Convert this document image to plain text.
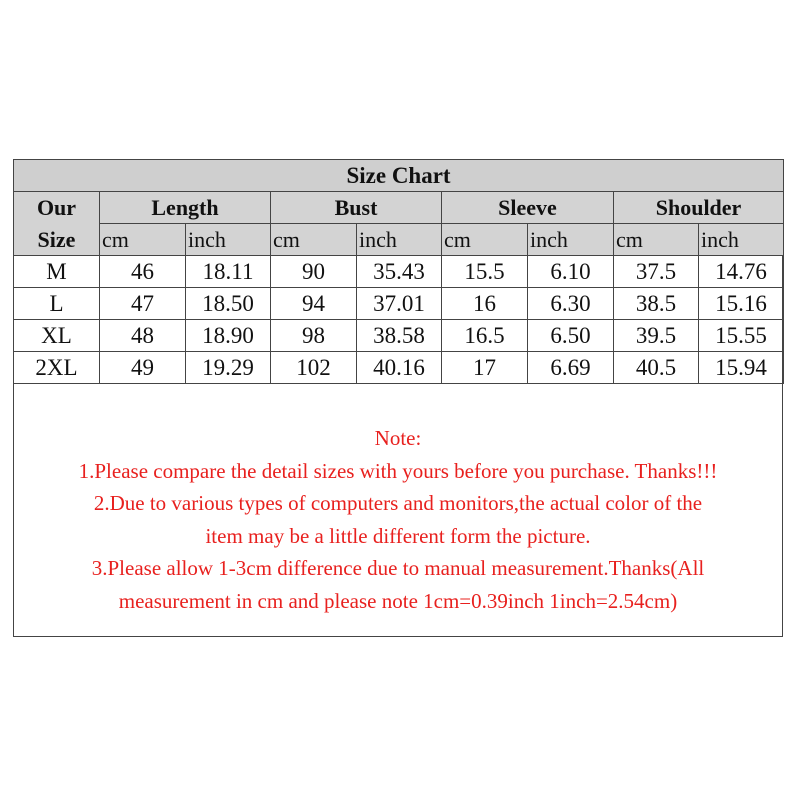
Size Chart								

Our
Size	Length		Bust		Sleeve		Shoulder	
	cm	inch	cm	inch	cm	inch	cm	inch
M	46	18.11	90	35.43	15.5	6.10	37.5	14.76
L	47	18.50	94	37.01	16	6.30	38.5	15.16
XL	48	18.90	98	38.58	16.5	6.50	39.5	15.55
2XL	49	19.29	102	40.16	17	6.69	40.5	15.94
Note:
1.Please compare the detail sizes with yours before you purchase. Thanks!!!
2.Due to various types of computers and monitors,the actual color of the
item may be a little different form the picture.
3.Please allow 1-3cm difference due to manual measurement.Thanks(All
measurement in cm and please note 1cm=0.39inch 1inch=2.54cm)
